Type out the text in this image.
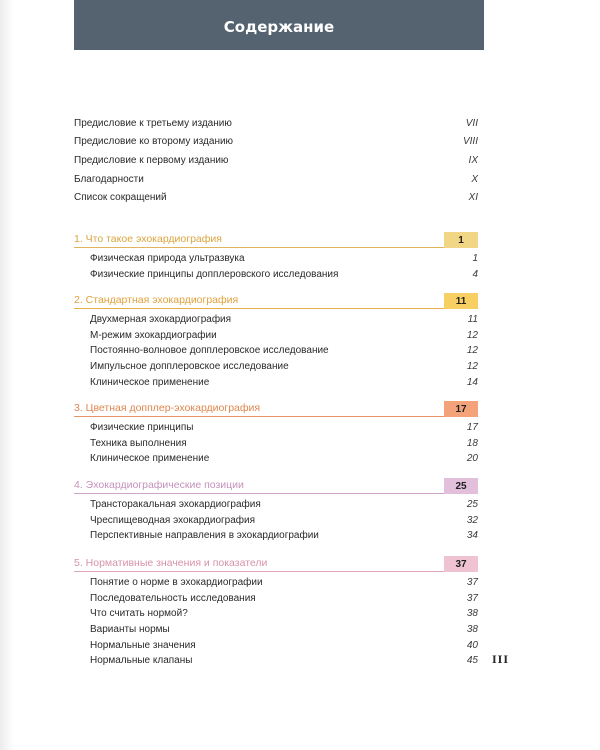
Содержание
Предисловие к третьему изданию	VII
Предисловие ко второму изданию	VIII
Предисловие к первому изданию	IX
Благодарности	X
Список сокращений	XI
1. Что такое эхокардиография	1
Физическая природа ультразвука	1
Физические принципы допплеровского исследования	4
2. Стандартная эхокардиография	11
Двухмерная эхокардиография	11
М-режим эхокардиографии	12
Постоянно-волновое допплеровское исследование	12
Импульсное допплеровское исследование	12
Клиническое применение	14
3. Цветная допплер-эхокардиография	17
Физические принципы	17
Техника выполнения	18
Клиническое применение	20
4. Эхокардиографические позиции	25
Трансторакальная эхокардиография	25
Чреспищеводная эхокардиография	32
Перспективные направления в эхокардиографии	34
5. Нормативные значения и показатели	37
Понятие о норме в эхокардиографии	37
Последовательность исследования	37
Что считать нормой?	38
Варианты нормы	38
Нормальные значения	40
Нормальные клапаны	45 III
